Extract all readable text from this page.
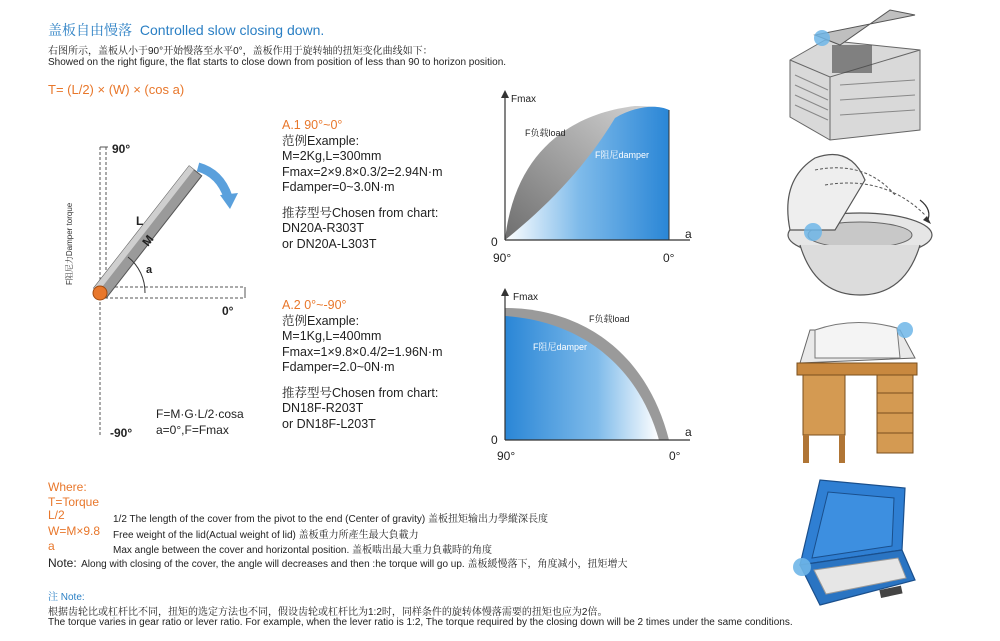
盖板自由慢落 Controlled slow closing down.
右图所示，盖板从小于90°开始慢落至水平0°，盖板作用于旋转轴的扭矩变化曲线如下：
Showed on the right figure, the flat starts to close down from position of less than 90 to horizon position.
T= (L/2) × (W) × (cos a)
90°
-90°
0°
L
M
a
F阻尼力Damper torque
F=M·G·L/2·cosa
a=0°,F=Fmax
A.1 90°~0°
范例Example:
M=2Kg,L=300mm
Fmax=2×9.8×0.3/2=2.94N·m
Fdamper=0~3.0N·m
推荐型号Chosen from chart:
DN20A-R303T
or DN20A-L303T
A.2 0°~-90°
范例Example:
M=1Kg,L=400mm
Fmax=1×9.8×0.4/2=1.96N·m
Fdamper=2.0~0N·m
推荐型号Chosen from chart:
DN18F-R203T
or DN18F-L203T
Fmax
F负载load
F阻尼damper
0
a
90°	0°
Fmax
F负载load
F阻尼damper
0
a
90°	0°
Where:
T=Torque
L/2	1/2 The length of the cover from the pivot to the end (Center of gravity) 盖板扭矩输出力學縱深長度
W=M×9.8 Free weight of the lid(Actual weight of lid) 盖板重力所產生最大負載力
a	Max angle between the cover and horizontal position. 盖板啮出最大重力負載時的角度
Note: Along with closing of the cover, the angle will decreases and then :he torque will go up. 盖板緩慢落下，角度减小，扭矩增大
注 Note:
根据齿轮比或杠杆比不同，扭矩的选定方法也不同，假设齿轮或杠杆比为1:2时，同样条件的旋转体慢落需要的扭矩也应为2倍。
The torque varies in gear ratio or lever ratio. For example, when the lever ratio is 1:2, The torque required by the closing down will be 2 times under the same conditions.
